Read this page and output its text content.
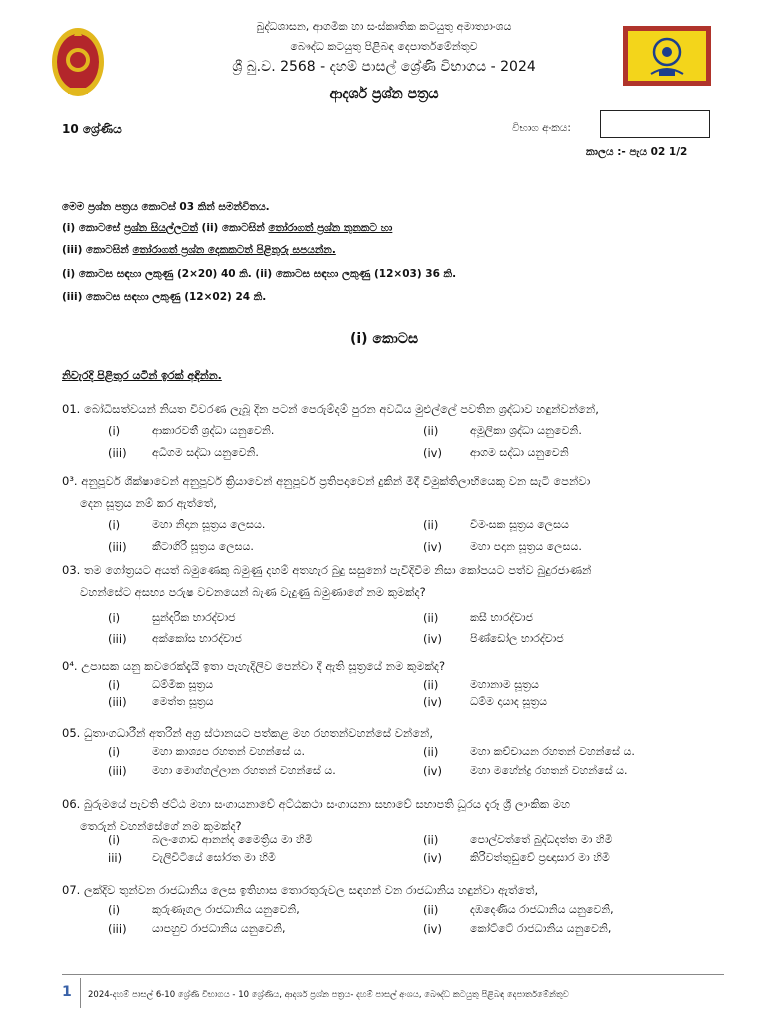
බුද්ධශාසන, ආගමික හා සංස්කෘතික කටයුතු අමාත්‍යාංශය
බෞද්ධ කටයුතු පිළිබඳ දෙපාර්තමේන්තුව
ශ්‍රී බු.ව. 2568 - දහම් පාසල් ශ්‍රේණි විභාගය - 2024
ආදර්ශ ප්‍රශ්න පත්‍රය
10 ශ්‍රේණිය	විභාග අංකය:
කාලය :- පැය 02 1/2
මෙම ප්‍රශ්න පත්‍රය කොටස් 03 කින් සමන්විතය.
(i) කොටසේ ප්‍රශ්න සියල්ලටත් (ii) කොටසින් තෝරාගත් ප්‍රශ්න තුනකට හා
(iii) කොටසින් තෝරාගත් ප්‍රශ්න දෙකකටත් පිළිතුරු සපයන්න.
(i) කොටස සඳහා ලකුණු (2×20) 40 කි. (ii) කොටස සඳහා ලකුණු (12×03) 36 කි.
(iii) කොටස සඳහා ලකුණු (12×02) 24 කි.
(i) කොටස
නිවැරදි පිළිතුර යටින් ඉරක් අඳින්න.
01. බෝධිසත්වයන් නියත විවරණ ලැබූ දින පටන් පෙරුම්දම් පුරන අවධිය මුළුල්ලේ පවතින ශ්‍රද්ධාව හඳුන්වන්නේ,
(i)	ආකාරවතී ශ්‍රද්ධා යනුවෙනි.	(ii)	අමූලිකා ශ්‍රද්ධා යනුවෙනි.
(iii) අධිගම සද්ධා යනුවෙනි.	(iv)	ආගම සද්ධා යනුවෙනි
0³. අනුපූර්ව ශික්ෂාවෙන් අනුපූර්ව ක්‍රියාවෙන් අනුපූර්ව ප්‍රතිපදාවෙන් දුකින් මිදී විමුක්තිලාභියෙකු වන සැටි පෙන්වා
දෙන සූත්‍රය නම් කර ඇත්තේ,
(i)	මහා නිදාන සූත්‍රය ලෙසය.	(ii)	වීමංසක සූත්‍රය ලෙසය
(iii) කීටාගිරි සූත්‍රය ලෙසය.	(iv)	මහා පදාන සූත්‍රය ලෙසය.
03. තම ගෝත්‍රයට අයත් බමුණෙකු බමුණු දහම් අතහැර බුදු සසුනෝ පැවිදිවීම නිසා කෝපයට පත්ව බුදුරජාණන්
වහන්සේට අසභ්‍ය පරුෂ වචනයෙන් බැණ වැදුණු බමුණාගේ නම කුමක්ද?
(i)	සුන්දරික භාරද්වාජ	(ii)	කසී භාරද්වාජ
(iii) අක්කෝස භාරද්වාජ	(iv)	පිණ්ඩෝල භාරද්වාජ
0⁴. උපාසක යනු කවරෙක්දැයි ඉතා පැහැදිලිව පෙන්වා දී ඇති සූත්‍රයේ නම කුමක්ද?
(i)	ධම්මික සූත්‍රය	(ii)	මහානාම සූත්‍රය
(iii) මෙත්ත සූත්‍රය	(iv)	ධම්ම දායාද සූත්‍රය
05. ධුතාංගධාරීන් අතරින් අග්‍ර ස්ථානයට පත්කළ මහ රහතන්වහන්සේ වන්නේ,
(i)	මහා කාශ්‍යප රහතන් වහන්සේ ය.	(ii)	මහා කච්චායන රහතන් වහන්සේ ය.
(iii) මහා මොග්ගල්ලාන රහතන් වහන්සේ ය.	(iv)	මහා මහේන්ද්‍ර රහතන් වහන්සේ ය.
06. බුරුමයේ පැවති ඡට්ඨ මහා සංගායනාවේ අට්ඨකථා සංගායනා සභාවේ සභාපති ධූරය දැරූ ශ්‍රී ලාංකික මහ
තෙරුන් වහන්සේගේ නම කුමක්ද?
(i)	බලංගොඩ ආනන්ද මෛත්‍රිය මා හිමි	(ii)	පොල්වත්තේ බුද්ධදත්ත මා හිමි
iii)	වැලිවිටියේ සෝරත මා හිමි	(iv)	කිරිවත්තුඩුවේ ප්‍රඥාසාර මා හිමි
07. ලක්දිව තුන්වන රාජධානිය ලෙස ඉතිහාස තොරතුරුවල සඳහන් වන රාජධානිය හඳුන්වා ඇත්තේ,
(i)	කුරුණෑගල රාජධානිය යනුවෙනි,	(ii)	දඹදෙණිය රාජධානිය යනුවෙනි,
(iii) යාපහුව රාජධානිය යනුවෙනි,	(iv)	කෝට්ටේ රාජධානිය යනුවෙනි,
1 2024-දහම් පාසල් 6-10 ශ්‍රේණි විභාගය - 10 ශ්‍රේණිය, ආදර්ශ ප්‍රශ්න පත්‍රය- දහම් පාසල් අංශය, බෞද්ධ කටයුතු පිළිබඳ දෙපාර්තමේන්තුව
